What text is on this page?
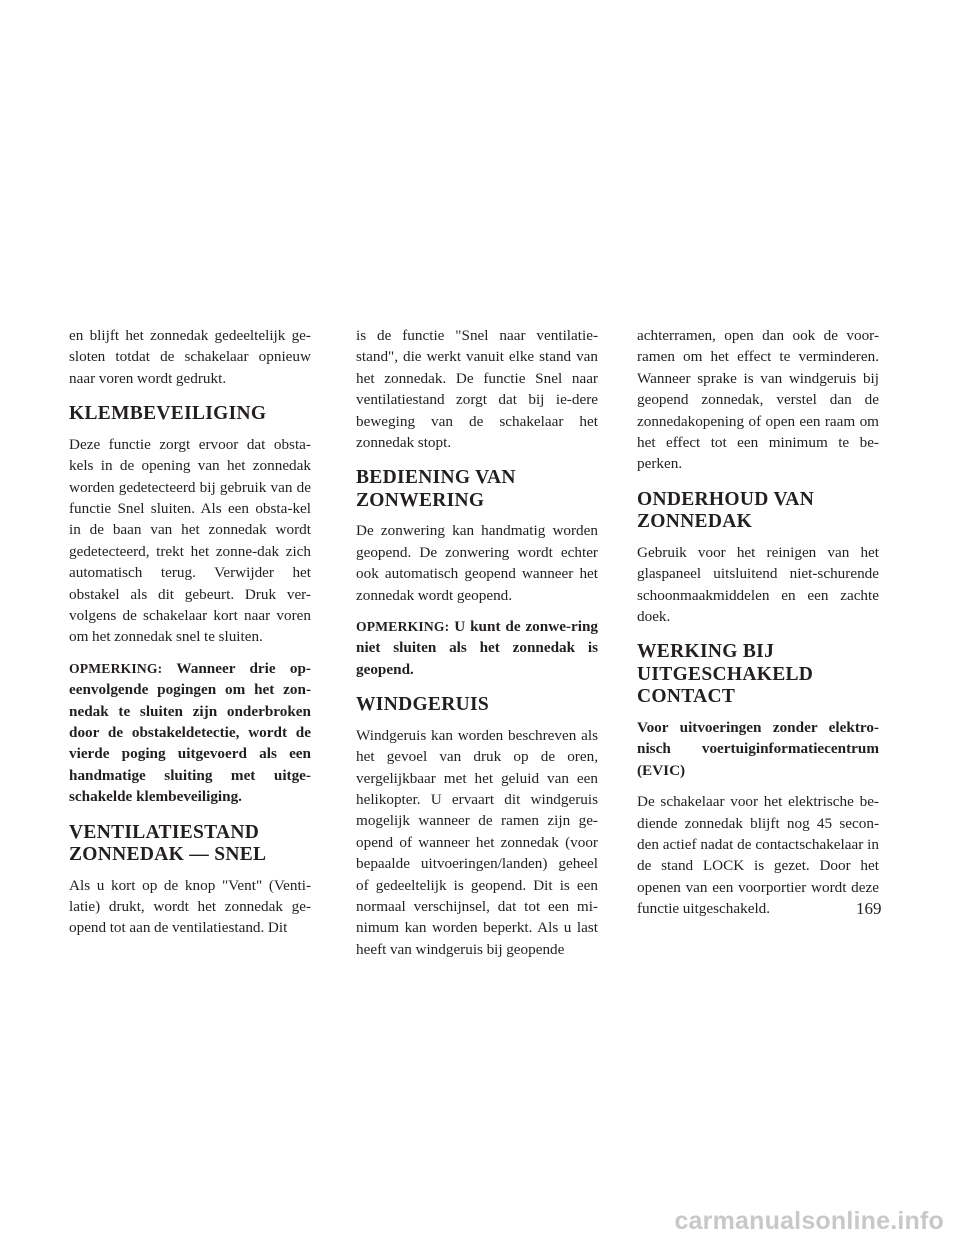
en blijft het zonnedak gedeeltelijk ge-sloten totdat de schakelaar opnieuw naar voren wordt gedrukt.

KLEMBEVEILIGING

Deze functie zorgt ervoor dat obsta-kels in de opening van het zonnedak worden gedetecteerd bij gebruik van de functie Snel sluiten. Als een obsta-kel in de baan van het zonnedak wordt gedetecteerd, trekt het zonne-dak zich automatisch terug. Verwijder het obstakel als dit gebeurt. Druk ver-volgens de schakelaar kort naar voren om het zonnedak snel te sluiten.

OPMERKING: Wanneer drie op-eenvolgende pogingen om het zon-nedak te sluiten zijn onderbroken door de obstakeldetectie, wordt de vierde poging uitgevoerd als een handmatige sluiting met uitge-schakelde klembeveiliging.

VENTILATIESTAND
ZONNEDAK — SNEL

Als u kort op de knop "Vent" (Venti-latie) drukt, wordt het zonnedak ge-opend tot aan de ventilatiestand. Dit

is de functie "Snel naar ventilatie-stand", die werkt vanuit elke stand van het zonnedak. De functie Snel naar ventilatiestand zorgt dat bij ie-dere beweging van de schakelaar het zonnedak stopt.

BEDIENING VAN
ZONWERING

De zonwering kan handmatig worden geopend. De zonwering wordt echter ook automatisch geopend wanneer het zonnedak wordt geopend.

OPMERKING: U kunt de zonwe-ring niet sluiten als het zonnedak is geopend.

WINDGERUIS

Windgeruis kan worden beschreven als het gevoel van druk op de oren, vergelijkbaar met het geluid van een helikopter. U ervaart dit windgeruis mogelijk wanneer de ramen zijn ge-opend of wanneer het zonnedak (voor bepaalde uitvoeringen/landen) geheel of gedeeltelijk is geopend. Dit is een normaal verschijnsel, dat tot een mi-nimum kan worden beperkt. Als u last heeft van windgeruis bij geopende

achterramen, open dan ook de voor-ramen om het effect te verminderen. Wanneer sprake is van windgeruis bij geopend zonnedak, verstel dan de zonnedakopening of open een raam om het effect tot een minimum te be-perken.

ONDERHOUD VAN
ZONNEDAK

Gebruik voor het reinigen van het glaspaneel uitsluitend niet-schurende schoonmaakmiddelen en een zachte doek.

WERKING BIJ
UITGESCHAKELD
CONTACT

Voor uitvoeringen zonder elektro-nisch voertuiginformatiecentrum (EVIC)

De schakelaar voor het elektrische be-diende zonnedak blijft nog 45 secon-den actief nadat de contactschakelaar in de stand LOCK is gezet. Door het openen van een voorportier wordt deze functie uitgeschakeld.	169
carmanualsonline.info
